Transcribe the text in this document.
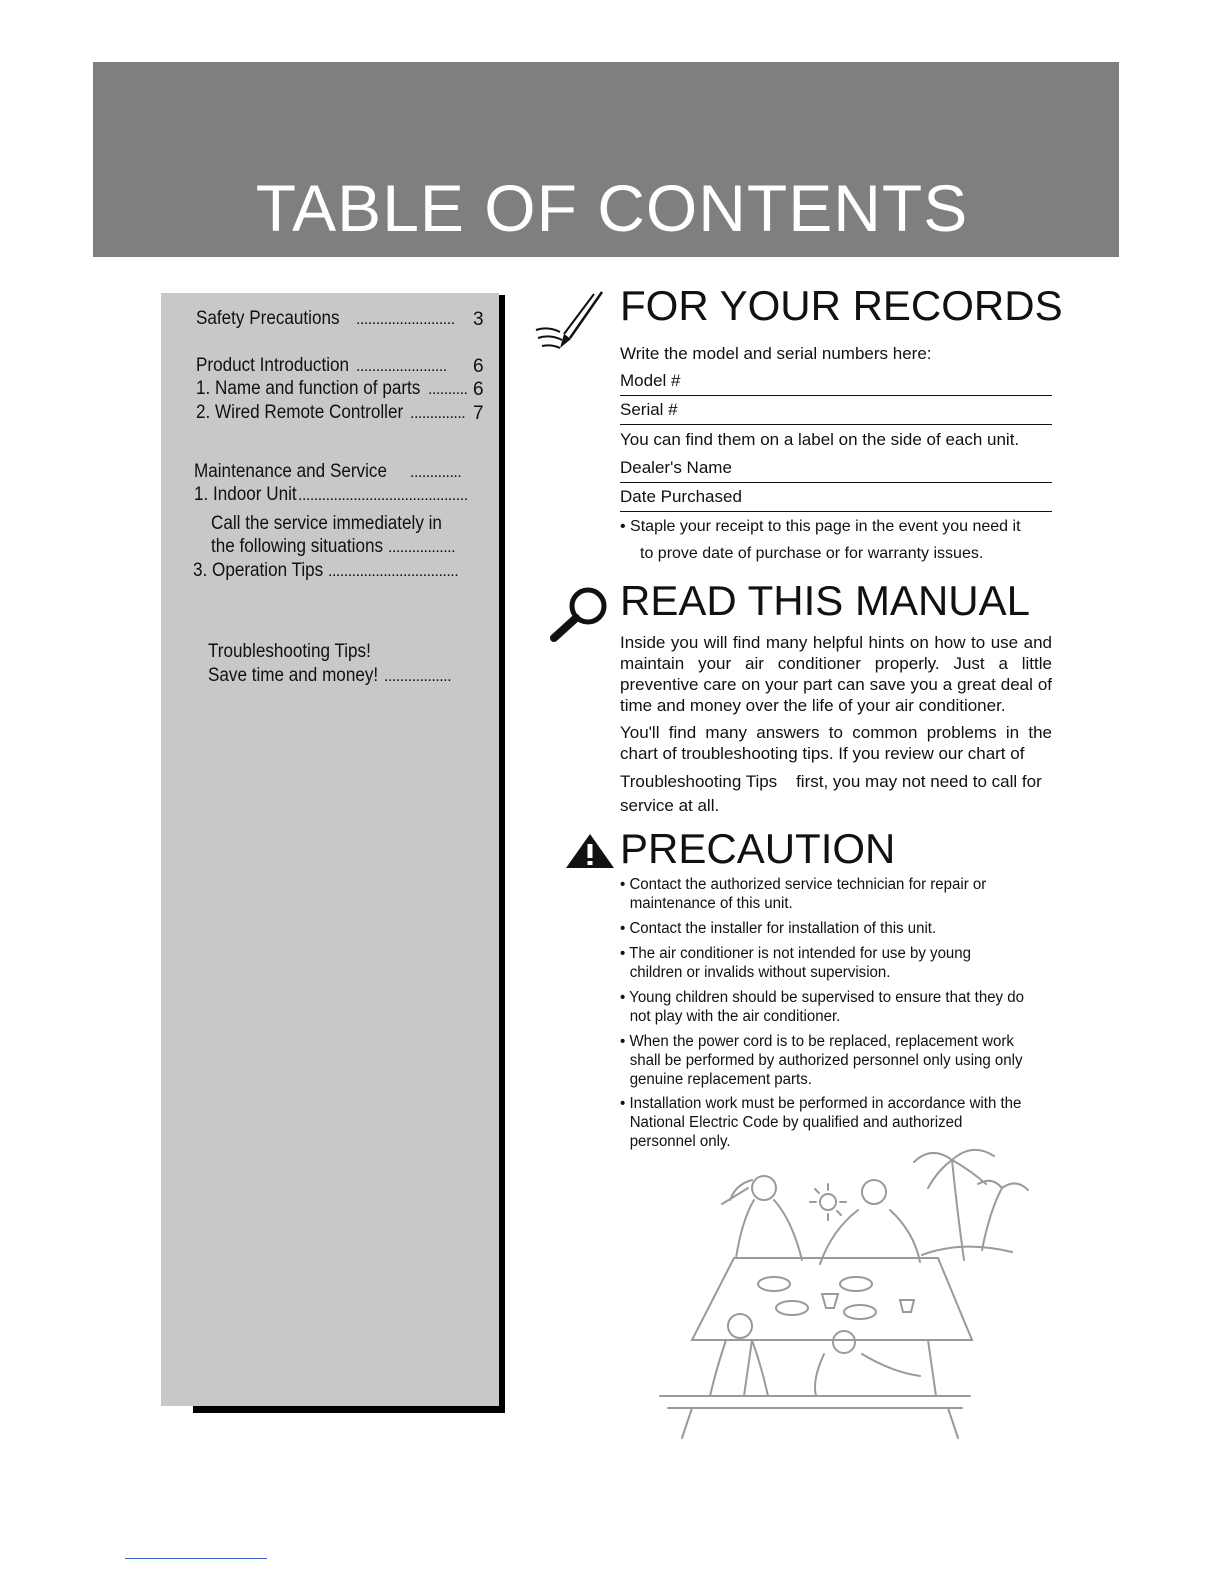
TABLE OF CONTENTS
Safety Precautions ......................... 3
Product Introduction ....................... 6
1. Name and function of parts .......... 6
2. Wired Remote Controller .............. 7
Maintenance and Service .............
1. Indoor Unit ...........................................
Call the service immediately in
the following situations .................
3. Operation Tips .................................
Troubleshooting Tips!
Save time and money! .................
FOR YOUR RECORDS
Write the model and serial numbers here:
Model #
Serial #
You can find them on a label on the side of each unit.
Dealer's Name
Date Purchased
• Staple your receipt to this page in the event you need it
to prove date of purchase or for warranty issues.
READ THIS MANUAL
Inside you will find many helpful hints on how to use and maintain your air conditioner properly. Just a little preventive care on your part can save you a great deal of time and money over the life of your air conditioner.
You'll find many answers to common problems in the chart of troubleshooting tips. If you review our chart of
Troubleshooting Tips    first, you may not need to call for
service at all.
PRECAUTION
• Contact the authorized service technician for repair or maintenance of this unit.
• Contact the installer for installation of this unit.
• The air conditioner is not intended for use by young children or invalids without supervision.
• Young children should be supervised to ensure that they do not play with the air conditioner.
• When the power cord is to be replaced, replacement work shall be performed by authorized personnel only using only genuine replacement parts.
• Installation work must be performed in accordance with the National Electric Code by qualified and authorized personnel only.
